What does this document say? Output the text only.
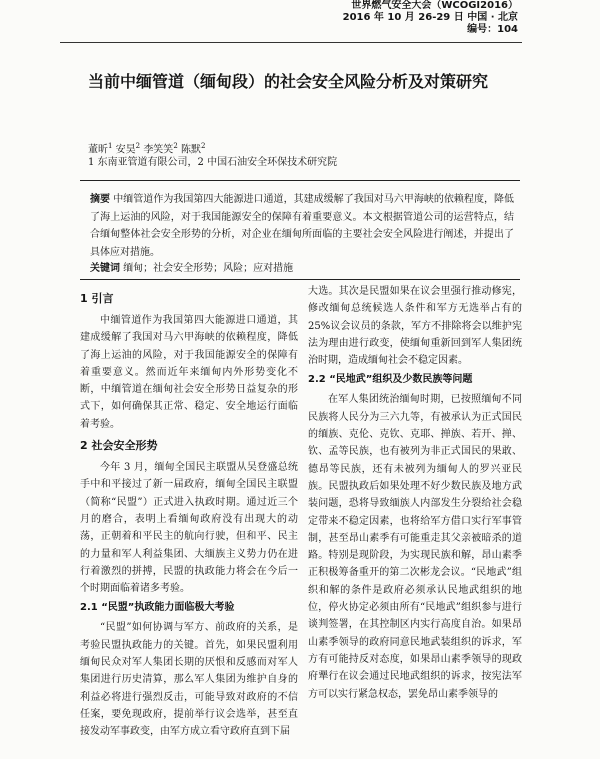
世界燃气安全大会（WCOGI2016）
2016 年 10 月 26-29 日 中国 · 北京
编号：104
当前中缅管道（缅甸段）的社会安全风险分析及对策研究
董昕$^1$ 安昊$^2$ 李笑笑$^2$ 陈默$^2$
1 东南亚管道有限公司，2 中国石油安全环保技术研究院

摘要 中缅管道作为我国第四大能源进口通道，其建成缓解了我国对马六甲海峡的依赖程度，降低了海上运油的风险，对于我国能源安全的保障有着重要意义。本文根据管道公司的运营特点，结合缅甸整体社会安全形势的分析，对企业在缅甸所面临的主要社会安全风险进行阐述，并提出了具体应对措施。

关键词 缅甸；社会安全形势；风险；应对措施

1 引言

中缅管道作为我国第四大能源进口通道，其建成缓解了我国对马六甲海峡的依赖程度，降低了海上运油的风险，对于我国能源安全的保障有着重要意义。然而近年来缅甸内外形势变化不断，中缅管道在缅甸社会安全形势日益复杂的形式下，如何确保其正常、稳定、安全地运行面临着考验。

2 社会安全形势

今年 3 月，缅甸全国民主联盟从吴登盛总统手中和平接过了新一届政府，缅甸全国民主联盟（简称“民盟”）正式进入执政时期。通过近三个月的磨合，表明上看缅甸政府没有出现大的动荡，正朝着和平民主的航向行驶，但和平、民主的力量和军人利益集团、大缅族主义势力仍在进行着激烈的拼搏，民盟的执政能力将会在今后一个时期面临着诸多考验。

2.1 “民盟”执政能力面临极大考验

“民盟”如何协调与军方、前政府的关系，是考验民盟执政能力的关键。首先，如果民盟利用缅甸民众对军人集团长期的厌恨和反感而对军人集团进行历史清算，那么军人集团为维护自身的利益必将进行强烈反击，可能导致对政府的不信任案，要免现政府，提前举行议会选举，甚至直接发动军事政变，由军方成立看守政府直到下届

大选。其次是民盟如果在议会里强行推动修宪，修改缅甸总统候选人条件和军方无选举占有的 25%议会议员的条款，军方不排除将会以维护宪法为理由进行政变，使缅甸重新回到军人集团统治时期，造成缅甸社会不稳定因素。

2.2 “民地武”组织及少数民族等问题

在军人集团统治缅甸时期，已按照缅甸不同民族将人民分为三六九等，有被承认为正式国民的缅族、克伦、克钦、克耶、掸族、若开、掸、钦、孟等民族，也有被列为非正式国民的果敢、德昂等民族，还有未被列为缅甸人的罗兴亚民族。民盟执政后如果处理不好少数民族及地方武装问题，恐将导致缅族人内部发生分裂给社会稳定带来不稳定因素，也将给军方借口实行军事管制，甚至昂山素季有可能重走其父亲被暗杀的道路。特别是现阶段，为实现民族和解，昂山素季正积极筹备重开的第二次彬龙会议。“民地武”组织和解的条件是政府必须承认民地武组织的地位，停火协定必须由所有“民地武”组织参与进行谈判签署，在其控制区内实行高度自治。如果昂山素季领导的政府同意民地武装组织的诉求，军方有可能持反对态度，如果昂山素季领导的现政府犟行在议会通过民地武组织的诉求，按宪法军方可以实行紧急权态，罢免昂山素季领导的
